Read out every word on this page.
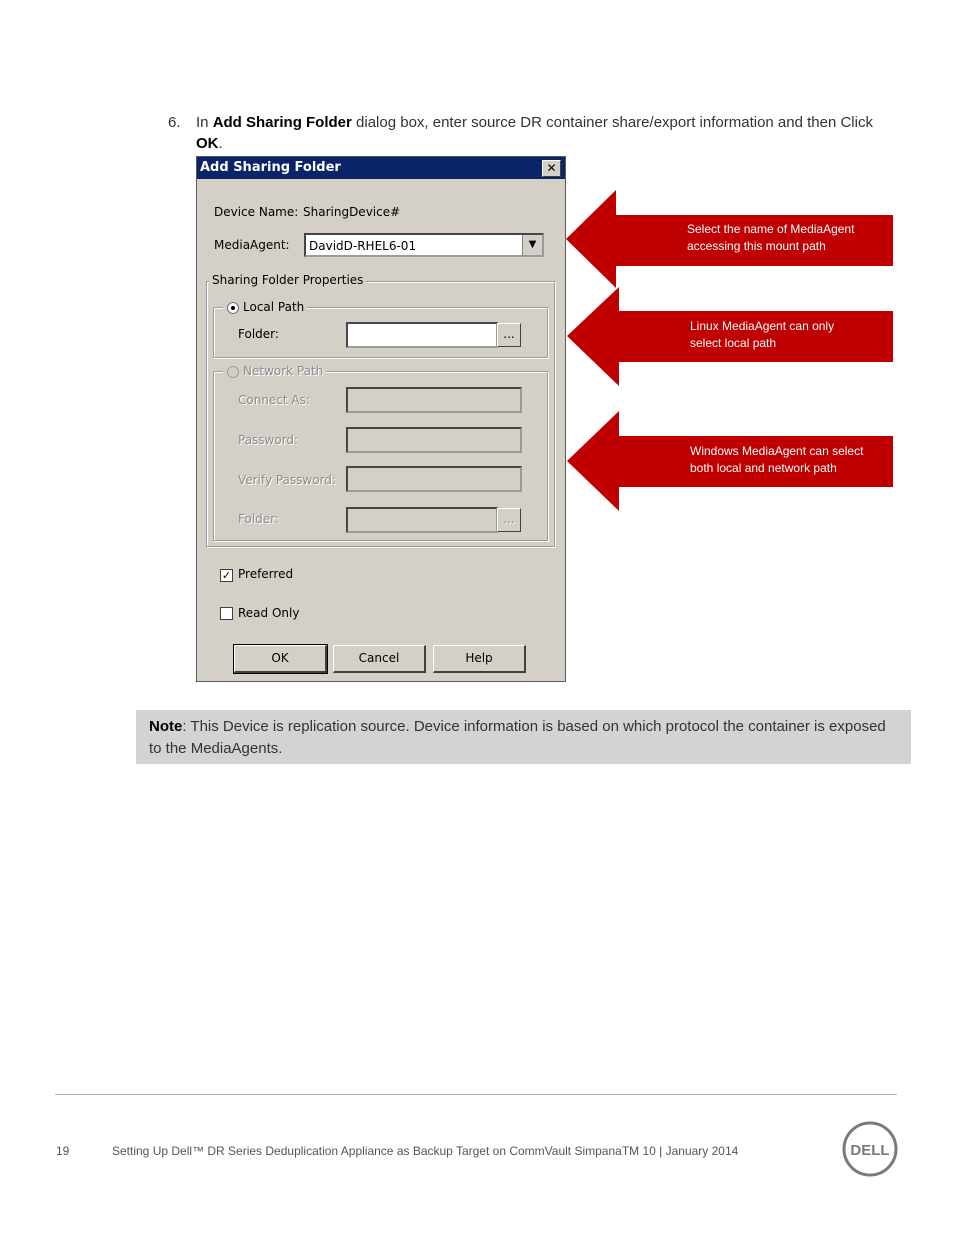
6. In Add Sharing Folder dialog box, enter source DR container share/export information and then Click OK.
Add Sharing Folder	✕
Device Name: SharingDevice#
MediaAgent: DavidD-RHEL6-01	▼
Sharing Folder Properties
Local Path
Folder:	...
Network Path
Connect As:
Password:
Verify Password:
Folder:	...
✓ Preferred
Read Only
OK	Cancel	Help
Select the name of MediaAgent
accessing this mount path
Linux MediaAgent can only
select local path
Windows MediaAgent can select
both local and network path
Note: This Device is replication source. Device information is based on which protocol the container is exposed to the MediaAgents.
19	Setting Up Dell™ DR Series Deduplication Appliance as Backup Target on CommVault SimpanaTM 10 | January 2014	DELL
